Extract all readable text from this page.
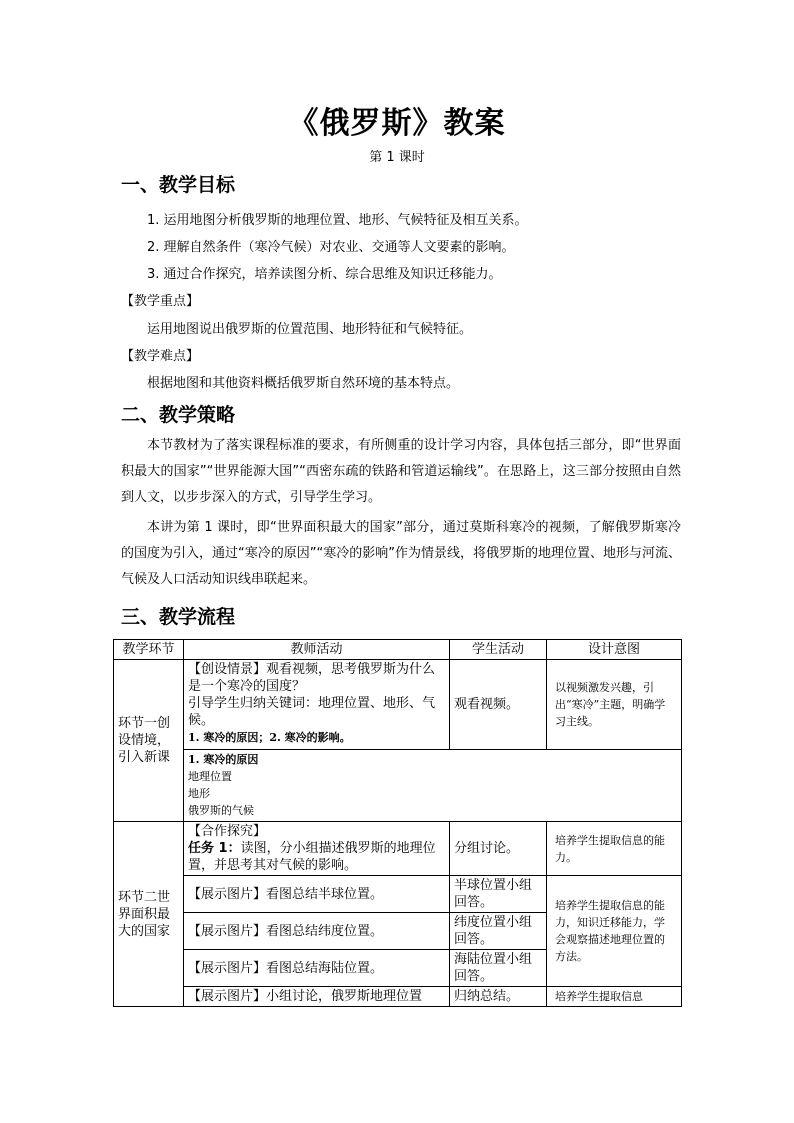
《俄罗斯》教案
第 1 课时
一、教学目标
1. 运用地图分析俄罗斯的地理位置、地形、气候特征及相互关系。
2. 理解自然条件（寒冷气候）对农业、交通等人文要素的影响。
3. 通过合作探究，培养读图分析、综合思维及知识迁移能力。
【教学重点】
运用地图说出俄罗斯的位置范围、地形特征和气候特征。
【教学难点】
根据地图和其他资料概括俄罗斯自然环境的基本特点。
二、教学策略

本节教材为了落实课程标准的要求，有所侧重的设计学习内容，具体包括三部分，即“世界面积最大的国家”“世界能源大国”“西密东疏的铁路和管道运输线”。在思路上，这三部分按照由自然到人文，以步步深入的方式，引导学生学习。

本讲为第 1 课时，即“世界面积最大的国家”部分，通过莫斯科寒冷的视频，了解俄罗斯寒冷的国度为引入，通过“寒冷的原因”“寒冷的影响”作为情景线，将俄罗斯的地理位置、地形与河流、气候及人口活动知识线串联起来。

三、教学流程
教学环节	教师活动	学生活动	设计意图
环节一创设情境，引入新课	【创设情景】观看视频，思考俄罗斯为什么是一个寒冷的国度？
引导学生归纳关键词：地理位置、地形、气候。
1. 寒冷的原因；2. 寒冷的影响。	观看视频。	以视频激发兴趣，引出“寒冷”主题，明确学习主线。

	1. 寒冷的原因
地理位置
地形
俄罗斯的气候		

环节二世界面积最大的国家	【合作探究】
任务 1：读图，分小组描述俄罗斯的地理位置，并思考其对气候的影响。	分组讨论。	培养学生提取信息的能力。
	【展示图片】看图总结半球位置。	半球位置小组回答。	培养学生提取信息的能力，知识迁移能力，学会观察描述地理位置的方法。
	【展示图片】看图总结纬度位置。	纬度位置小组回答。	
	【展示图片】看图总结海陆位置。	海陆位置小组回答。	
	【展示图片】小组讨论，俄罗斯地理位置	归纳总结。	培养学生提取信息
